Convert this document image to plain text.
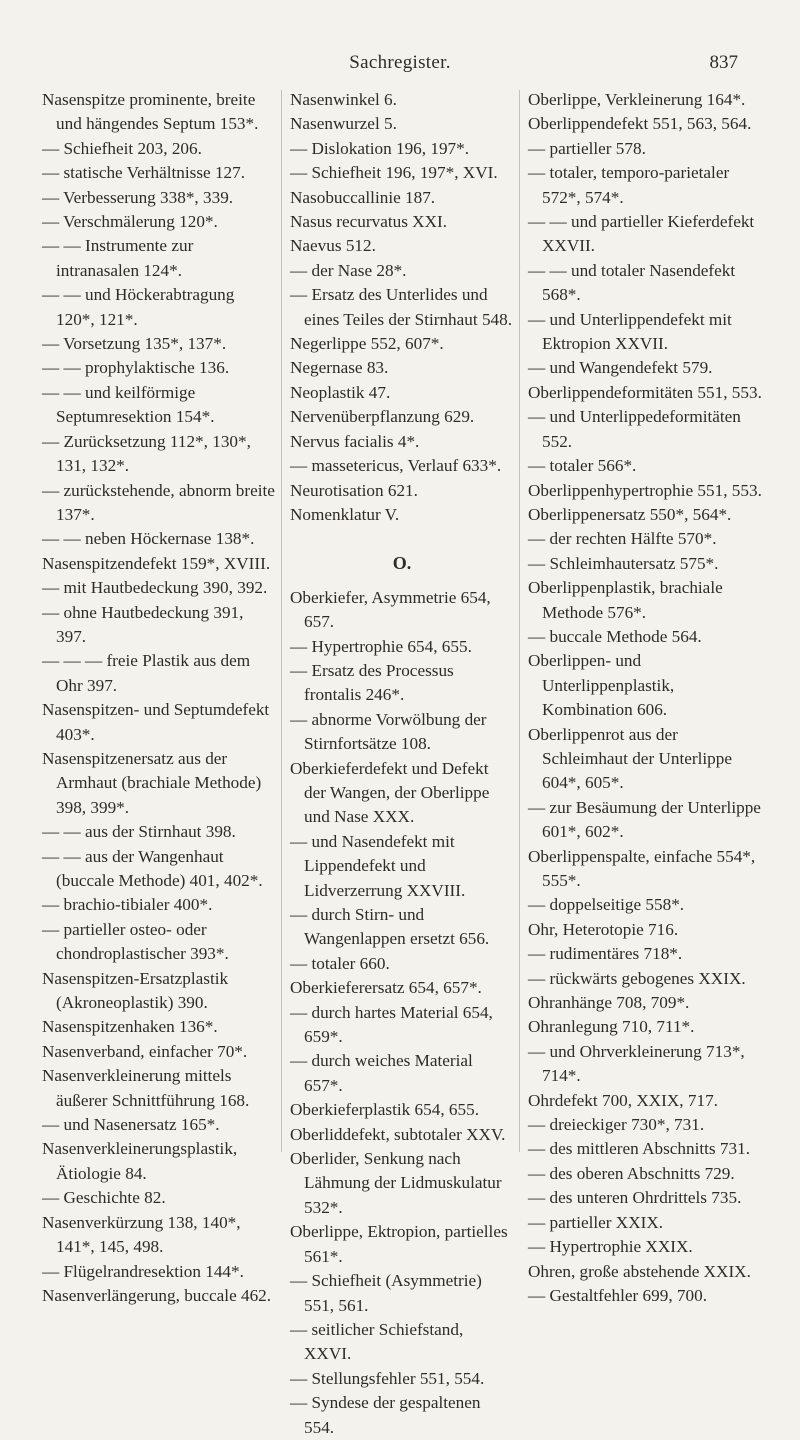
Sachregister.	837

Nasenspitze prominente, breite und hängendes Septum 153*.

— Schiefheit 203, 206.

— statische Verhältnisse 127.

— Verbesserung 338*, 339.

— Verschmälerung 120*.

— — Instrumente zur intranasalen 124*.

— — und Höckerabtragung 120*, 121*.

— Vorsetzung 135*, 137*.

— — prophylaktische 136.

— — und keilförmige Septumresektion 154*.

— Zurücksetzung 112*, 130*, 131, 132*.

— zurückstehende, abnorm breite 137*.

— — neben Höckernase 138*.

Nasenspitzendefekt 159*, XVIII.

— mit Hautbedeckung 390, 392.

— ohne Hautbedeckung 391, 397.

— — — freie Plastik aus dem Ohr 397.

Nasenspitzen- und Septumdefekt 403*.

Nasenspitzenersatz aus der Armhaut (brachiale Methode) 398, 399*.

— — aus der Stirnhaut 398.

— — aus der Wangenhaut (buccale Methode) 401, 402*.

— brachio-tibialer 400*.

— partieller osteo- oder chondroplastischer 393*.

Nasenspitzen-Ersatzplastik (Akroneoplastik) 390.

Nasenspitzenhaken 136*.

Nasenverband, einfacher 70*.

Nasenverkleinerung mittels äußerer Schnittführung 168.

— und Nasenersatz 165*.

Nasenverkleinerungsplastik, Ätiologie 84.

— Geschichte 82.

Nasenverkürzung 138, 140*, 141*, 145, 498.

— Flügelrandresektion 144*.

Nasenverlängerung, buccale 462.

Nasenwinkel 6.

Nasenwurzel 5.

— Dislokation 196, 197*.

— Schiefheit 196, 197*, XVI.

Nasobuccallinie 187.

Nasus recurvatus XXI.

Naevus 512.

— der Nase 28*.

— Ersatz des Unterlides und eines Teiles der Stirnhaut 548.

Negerlippe 552, 607*.

Negernase 83.

Neoplastik 47.

Nervenüberpflanzung 629.

Nervus facialis 4*.

— massetericus, Verlauf 633*.

Neurotisation 621.

Nomenklatur V.

O.

Oberkiefer, Asymmetrie 654, 657.

— Hypertrophie 654, 655.

— Ersatz des Processus frontalis 246*.

— abnorme Vorwölbung der Stirnfortsätze 108.

Oberkieferdefekt und Defekt der Wangen, der Oberlippe und Nase XXX.

— und Nasendefekt mit Lippendefekt und Lidverzerrung XXVIII.

— durch Stirn- und Wangenlappen ersetzt 656.

— totaler 660.

Oberkieferersatz 654, 657*.

— durch hartes Material 654, 659*.

— durch weiches Material 657*.

Oberkieferplastik 654, 655.

Oberliddefekt, subtotaler XXV.

Oberlider, Senkung nach Lähmung der Lidmuskulatur 532*.

Oberlippe, Ektropion, partielles 561*.

— Schiefheit (Asymmetrie) 551, 561.

— seitlicher Schiefstand, XXVI.

— Stellungsfehler 551, 554.

— Syndese der gespaltenen 554.

Oberlippe, Verkleinerung 164*.

Oberlippendefekt 551, 563, 564.

— partieller 578.

— totaler, temporo-parietaler 572*, 574*.

— — und partieller Kieferdefekt XXVII.

— — und totaler Nasendefekt 568*.

— und Unterlippendefekt mit Ektropion XXVII.

— und Wangendefekt 579.

Oberlippendeformitäten 551, 553.

— und Unterlippedeformitäten 552.

— totaler 566*.

Oberlippenhypertrophie 551, 553.

Oberlippenersatz 550*, 564*.

— der rechten Hälfte 570*.

— Schleimhautersatz 575*.

Oberlippenplastik, brachiale Methode 576*.

— buccale Methode 564.

Oberlippen- und Unterlippenplastik, Kombination 606.

Oberlippenrot aus der Schleimhaut der Unterlippe 604*, 605*.

— zur Besäumung der Unterlippe 601*, 602*.

Oberlippenspalte, einfache 554*, 555*.

— doppelseitige 558*.

Ohr, Heterotopie 716.

— rudimentäres 718*.

— rückwärts gebogenes XXIX.

Ohranhänge 708, 709*.

Ohranlegung 710, 711*.

— und Ohrverkleinerung 713*, 714*.

Ohrdefekt 700, XXIX, 717.

— dreieckiger 730*, 731.

— des mittleren Abschnitts 731.

— des oberen Abschnitts 729.

— des unteren Ohrdrittels 735.

— partieller XXIX.

— Hypertrophie XXIX.

Ohren, große abstehende XXIX.

— Gestaltfehler 699, 700.
